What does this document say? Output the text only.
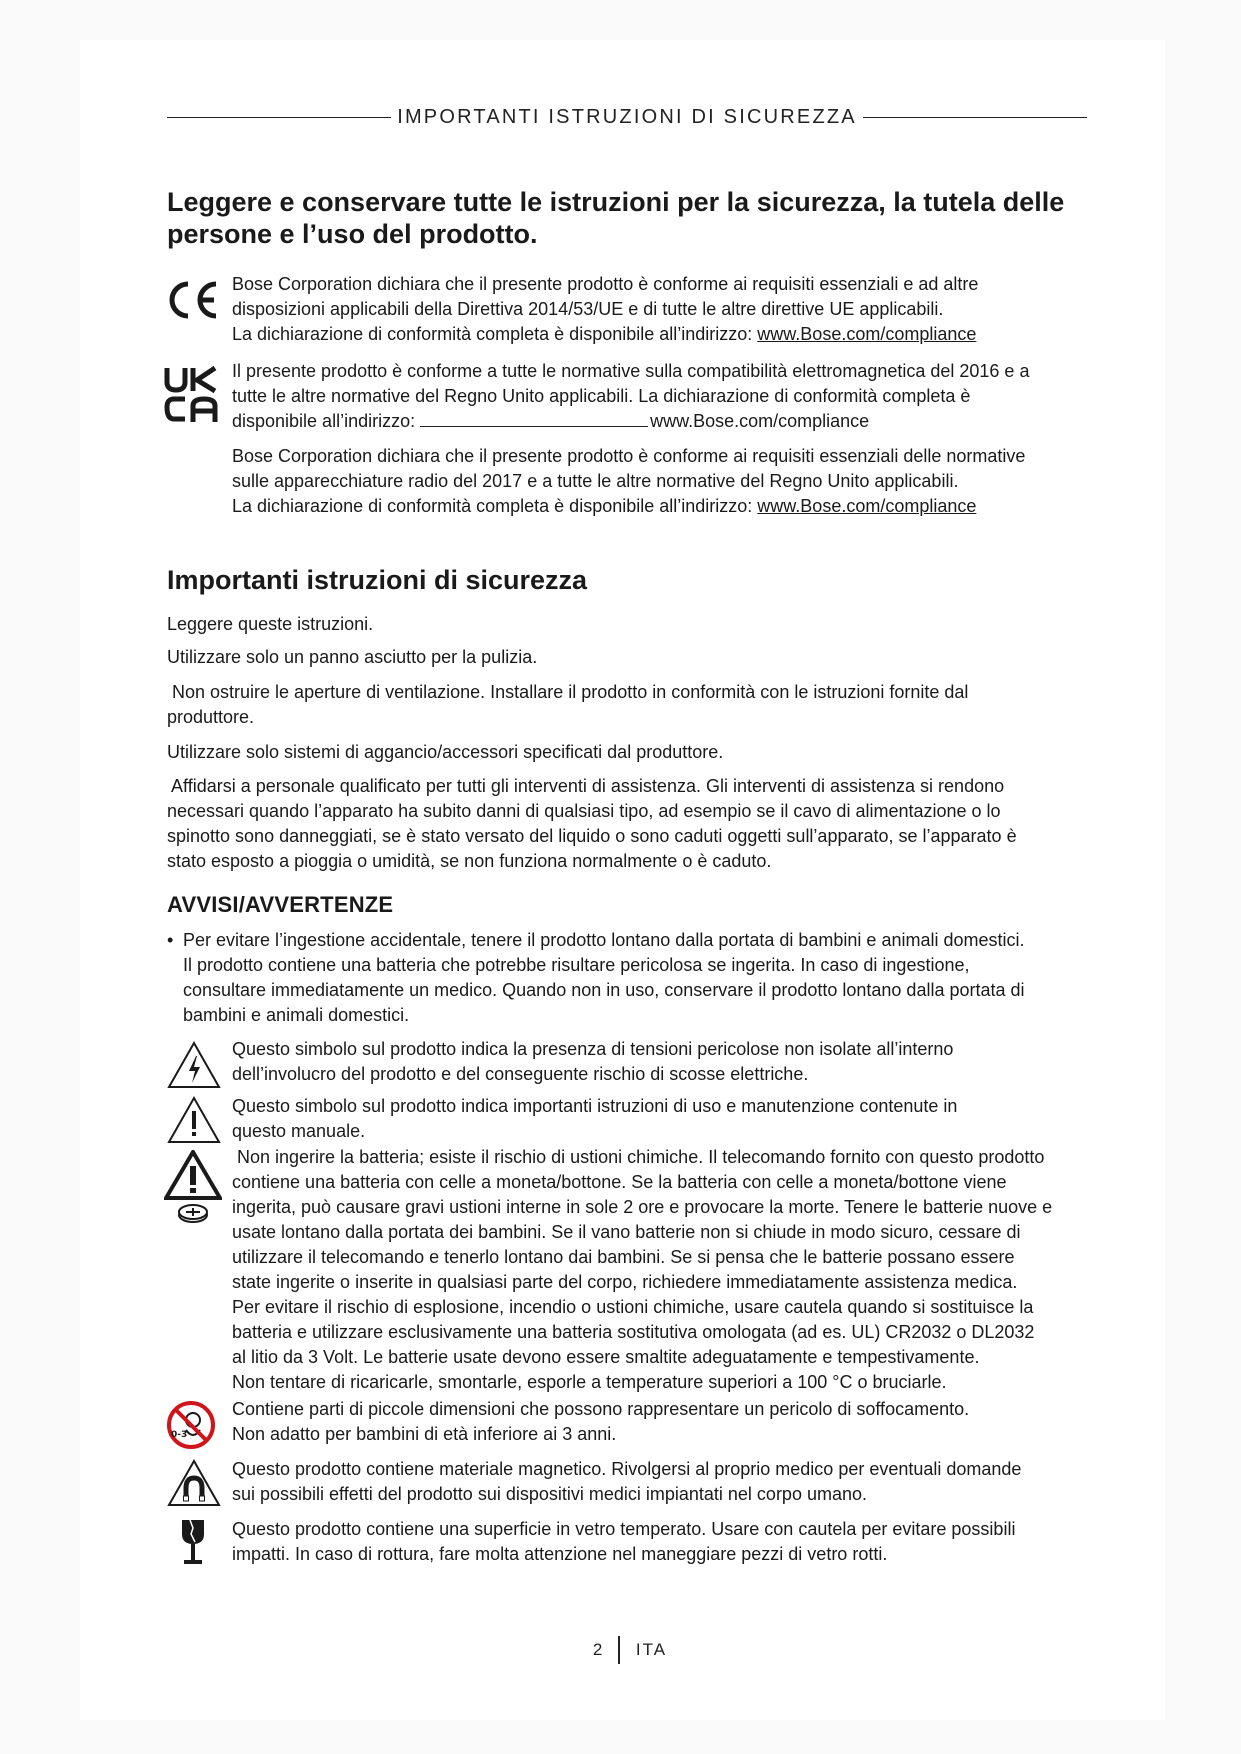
IMPORTANTI ISTRUZIONI DI SICUREZZA
Leggere e conservare tutte le istruzioni per la sicurezza, la tutela delle persone e l’uso del prodotto.

Bose Corporation dichiara che il presente prodotto è conforme ai requisiti essenziali e ad altre

disposizioni applicabili della Direttiva 2014/53/UE e di tutte le altre direttive UE applicabili.

La dichiarazione di conformità completa è disponibile all’indirizzo: www.Bose.com/compliance

Il presente prodotto è conforme a tutte le normative sulla compatibilità elettromagnetica del 2016 e a

tutte le altre normative del Regno Unito applicabili. La dichiarazione di conformità completa è

disponibile all’indirizzo:	www.Bose.com/compliance

Bose Corporation dichiara che il presente prodotto è conforme ai requisiti essenziali delle normative

sulle apparecchiature radio del 2017 e a tutte le altre normative del Regno Unito applicabili.

La dichiarazione di conformità completa è disponibile all’indirizzo: www.Bose.com/compliance

Importanti istruzioni di sicurezza

Leggere queste istruzioni.

Utilizzare solo un panno asciutto per la pulizia.

Non ostruire le aperture di ventilazione. Installare il prodotto in conformità con le istruzioni fornite dal

produttore.

Utilizzare solo sistemi di aggancio/accessori specificati dal produttore.

Affidarsi a personale qualificato per tutti gli interventi di assistenza. Gli interventi di assistenza si rendono

necessari quando l’apparato ha subito danni di qualsiasi tipo, ad esempio se il cavo di alimentazione o lo

spinotto sono danneggiati, se è stato versato del liquido o sono caduti oggetti sull’apparato, se l’apparato è

stato esposto a pioggia o umidità, se non funziona normalmente o è caduto.

AVVISI/AVVERTENZE
• Per evitare l’ingestione accidentale, tenere il prodotto lontano dalla portata di bambini e animali domestici.

Il prodotto contiene una batteria che potrebbe risultare pericolosa se ingerita. In caso di ingestione,

consultare immediatamente un medico. Quando non in uso, conservare il prodotto lontano dalla portata di

bambini e animali domestici.

Questo simbolo sul prodotto indica la presenza di tensioni pericolose non isolate all’interno

dell’involucro del prodotto e del conseguente rischio di scosse elettriche.

Questo simbolo sul prodotto indica importanti istruzioni di uso e manutenzione contenute in

questo manuale.

Non ingerire la batteria; esiste il rischio di ustioni chimiche. Il telecomando fornito con questo prodotto

contiene una batteria con celle a moneta/bottone. Se la batteria con celle a moneta/bottone viene

ingerita, può causare gravi ustioni interne in sole 2 ore e provocare la morte. Tenere le batterie nuove e

usate lontano dalla portata dei bambini. Se il vano batterie non si chiude in modo sicuro, cessare di

utilizzare il telecomando e tenerlo lontano dai bambini. Se si pensa che le batterie possano essere

state ingerite o inserite in qualsiasi parte del corpo, richiedere immediatamente assistenza medica.

Per evitare il rischio di esplosione, incendio o ustioni chimiche, usare cautela quando si sostituisce la

batteria e utilizzare esclusivamente una batteria sostitutiva omologata (ad es. UL) CR2032 o DL2032

al litio da 3 Volt. Le batterie usate devono essere smaltite adeguatamente e tempestivamente.

Non tentare di ricaricarle, smontarle, esporle a temperature superiori a 100 °C o bruciarle.

0-3

Contiene parti di piccole dimensioni che possono rappresentare un pericolo di soffocamento.

Non adatto per bambini di età inferiore ai 3 anni.

Questo prodotto contiene materiale magnetico. Rivolgersi al proprio medico per eventuali domande

sui possibili effetti del prodotto sui dispositivi medici impiantati nel corpo umano.

Questo prodotto contiene una superficie in vetro temperato. Usare con cautela per evitare possibili

impatti. In caso di rottura, fare molta attenzione nel maneggiare pezzi di vetro rotti.

2 ITA
